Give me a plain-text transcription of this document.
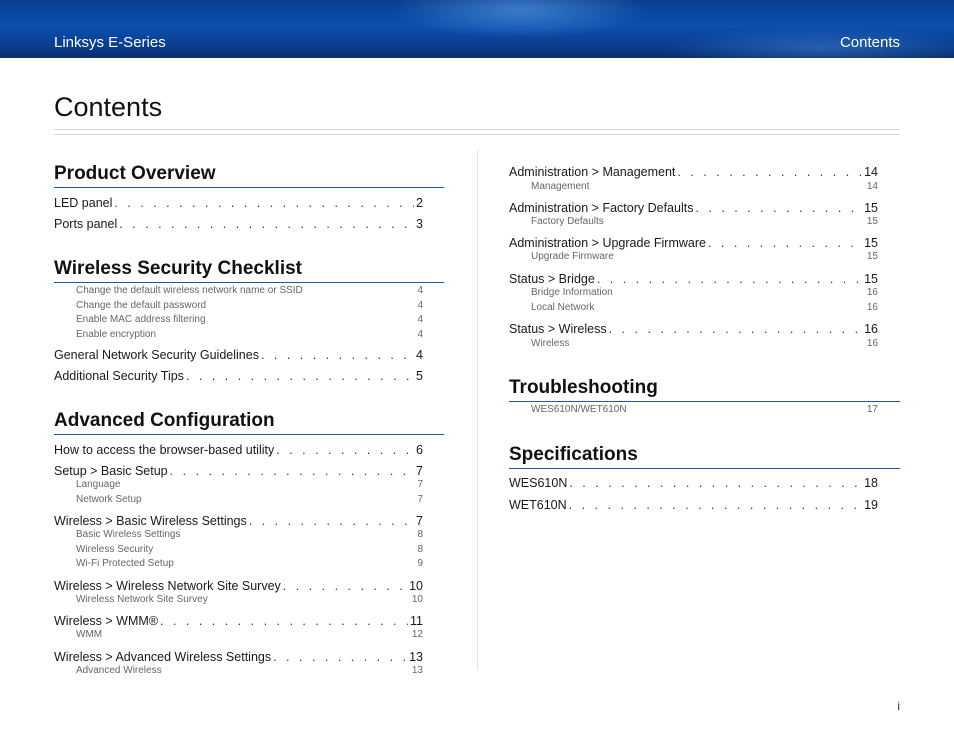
Linksys E-Series	Contents
Contents
Product Overview
LED panel . . .	2
Ports panel . . .	3
Wireless Security Checklist
Change the default wireless network name or SSID	4
Change the default password	4
Enable MAC address filtering	4
Enable encryption	4
General Network Security Guidelines . . .	4
Additional Security Tips . . .	5
Advanced Configuration
How to access the browser-based utility . . .	6
Setup > Basic Setup . . .	7
Language	7
Network Setup	7
Wireless > Basic Wireless Settings . . .	7
Basic Wireless Settings	8
Wireless Security	8
Wi-Fi Protected Setup	9
Wireless > Wireless Network Site Survey . . .	10
Wireless Network Site Survey	10
Wireless > WMM® . . .	11
WMM	12
Wireless > Advanced Wireless Settings . . .	13
Advanced Wireless	13
Administration > Management . . .	14
Management	14
Administration > Factory Defaults . . .	15
Factory Defaults	15
Administration > Upgrade Firmware . . .	15
Upgrade Firmware	15
Status > Bridge . . .	15
Bridge Information	16
Local Network	16
Status > Wireless . . .	16
Wireless	16
Troubleshooting
WES610N/WET610N	17
Specifications
WES610N . . .	18
WET610N . . .	19
i
